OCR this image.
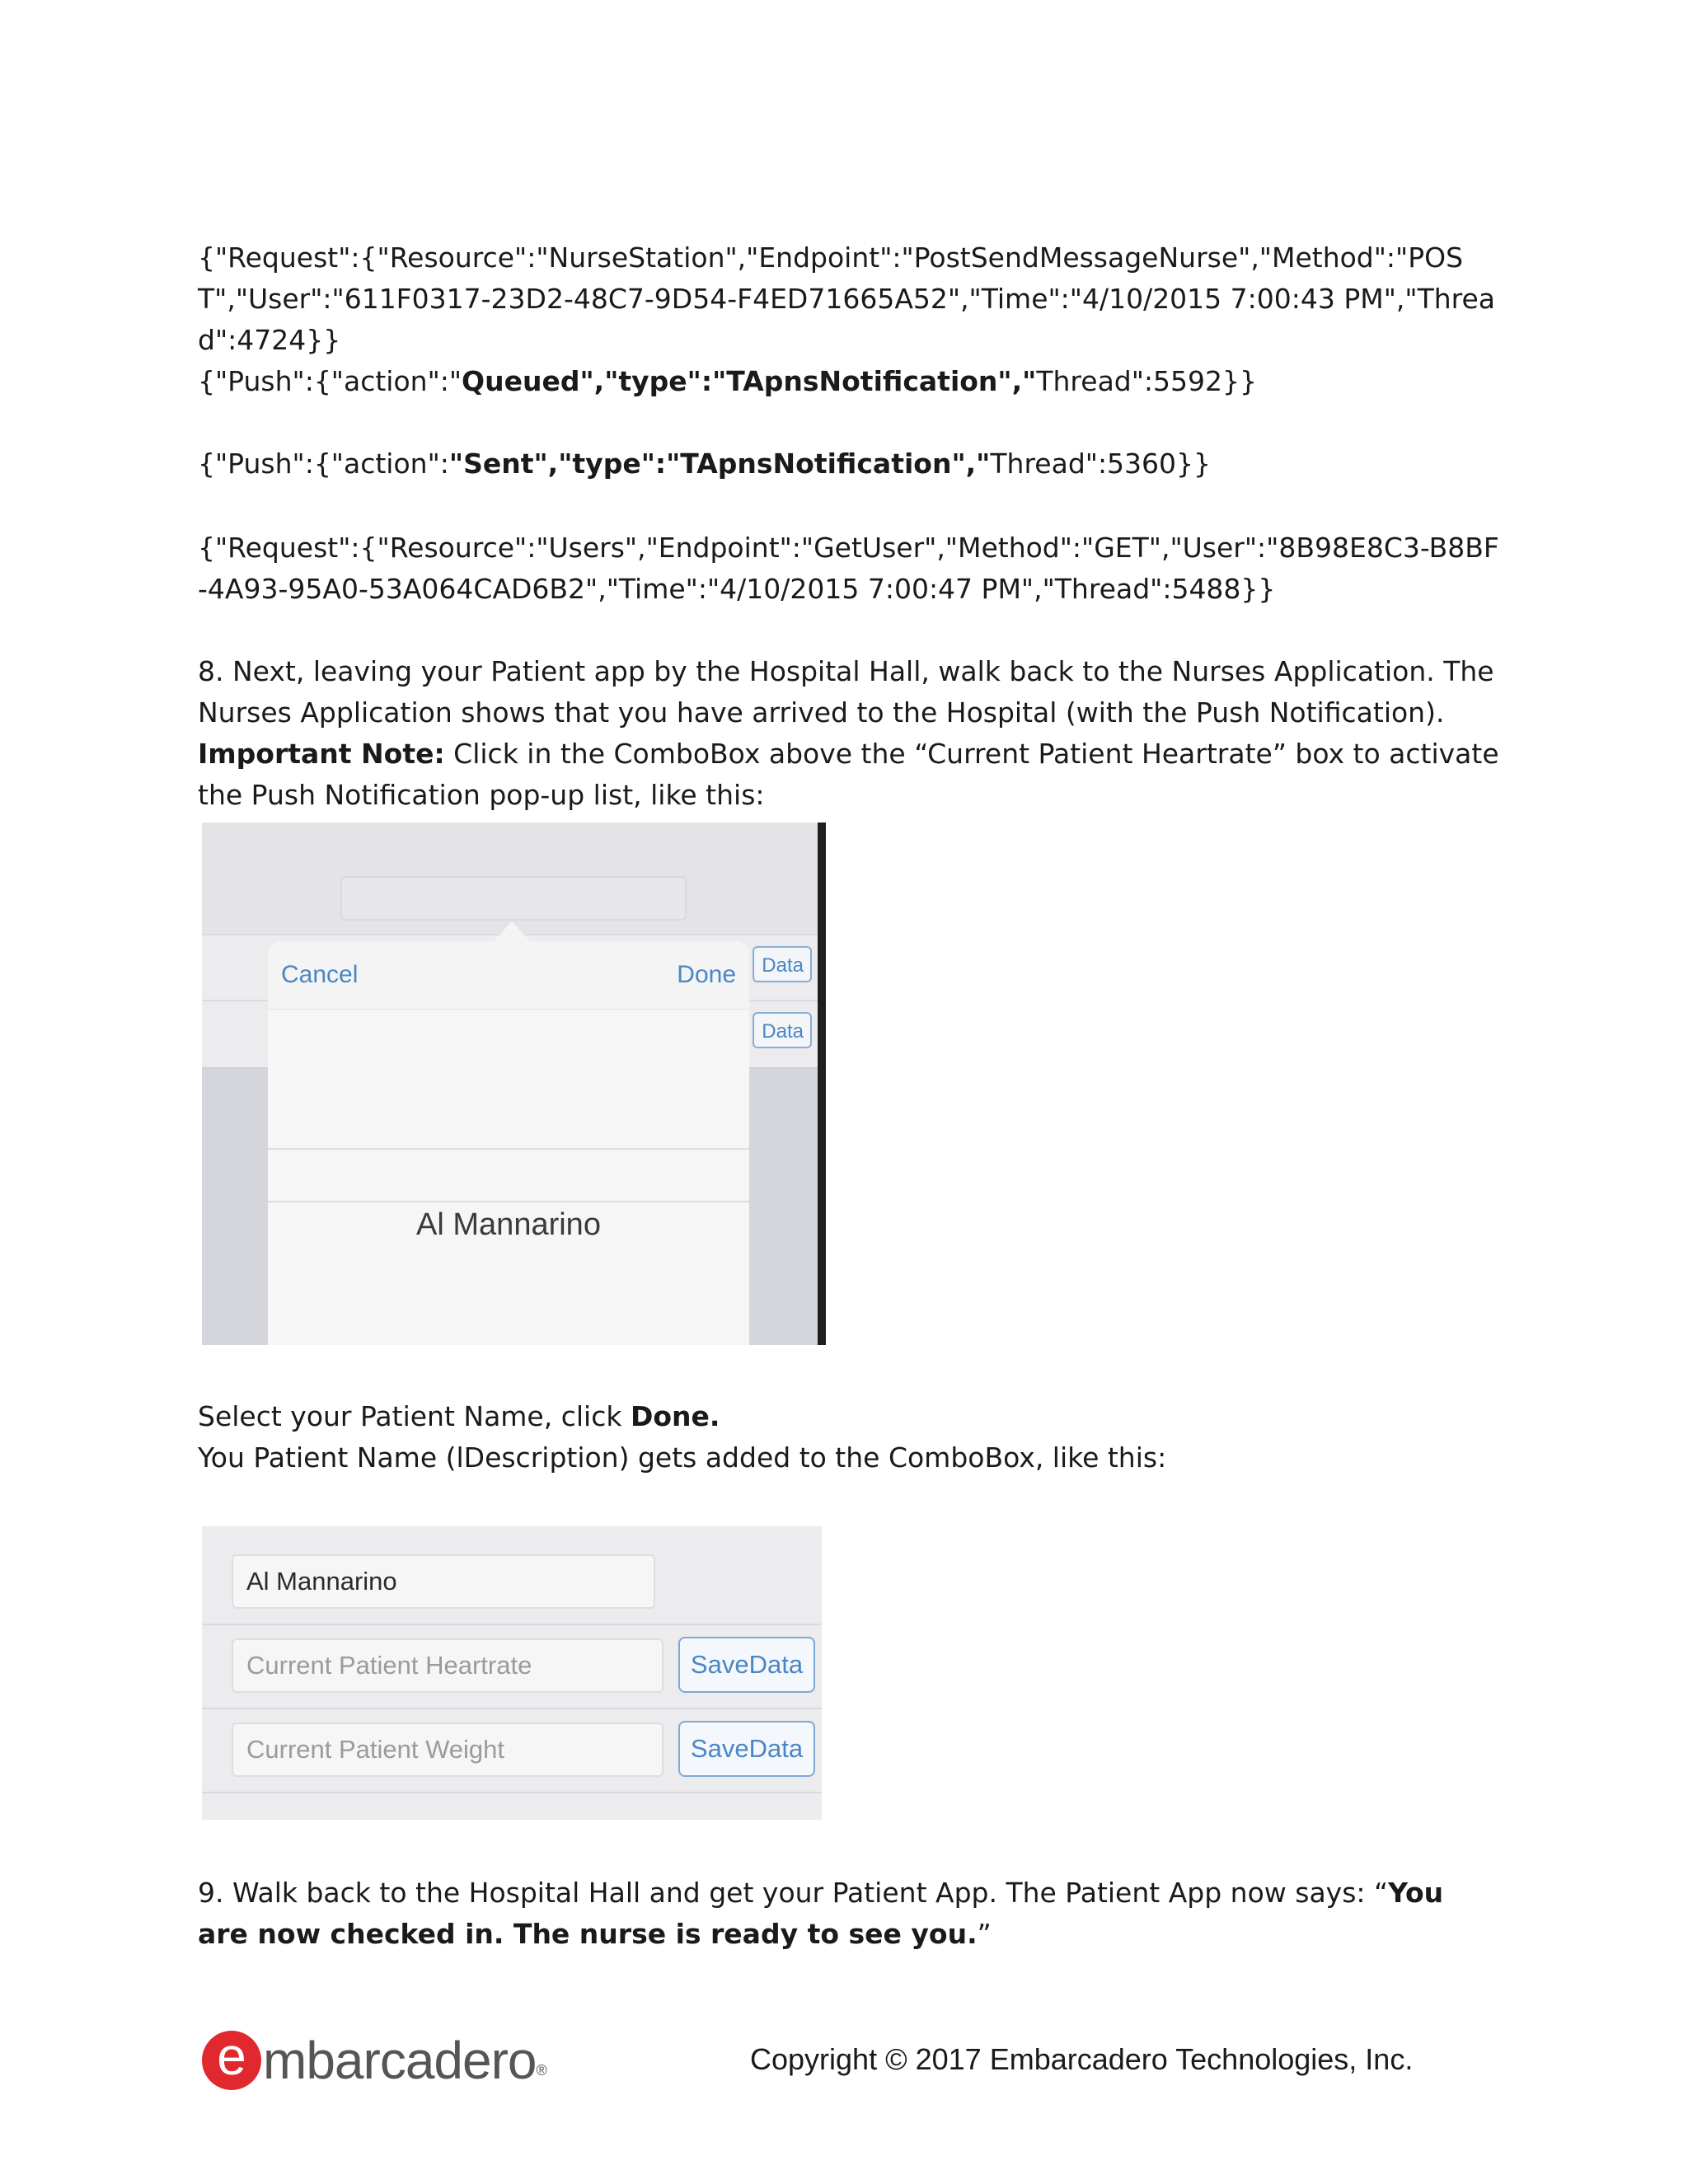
{"Request":{"Resource":"NurseStation","Endpoint":"PostSendMessageNurse","Method":"POST","User":"611F0317-23D2-48C7-9D54-F4ED71665A52","Time":"4/10/2015 7:00:43 PM","Thread":4724}}

{"Push":{"action":"Queued","type":"TApnsNotification","Thread":5592}}

{"Push":{"action":"Sent","type":"TApnsNotification","Thread":5360}}

{"Request":{"Resource":"Users","Endpoint":"GetUser","Method":"GET","User":"8B98E8C3-B8BF-4A93-95A0-53A064CAD6B2","Time":"4/10/2015 7:00:47 PM","Thread":5488}}

8. Next, leaving your Patient app by the Hospital Hall, walk back to the Nurses Application. The Nurses Application shows that you have arrived to the Hospital (with the Push Notification).
Important Note: Click in the ComboBox above the “Current Patient Heartrate” box to activate the Push Notification pop-up list, like this:

Data
Data
Cancel	Done
Al Mannarino

Select your Patient Name, click Done.
You Patient Name (lDescription) gets added to the ComboBox, like this:

Al Mannarino
Current Patient Heartrate	SaveData
Current Patient Weight	SaveData

9. Walk back to the Hospital Hall and get your Patient App. The Patient App now says: “You are now checked in. The nurse is ready to see you.”

e mbarcadero®	Copyright © 2017 Embarcadero Technologies, Inc.
